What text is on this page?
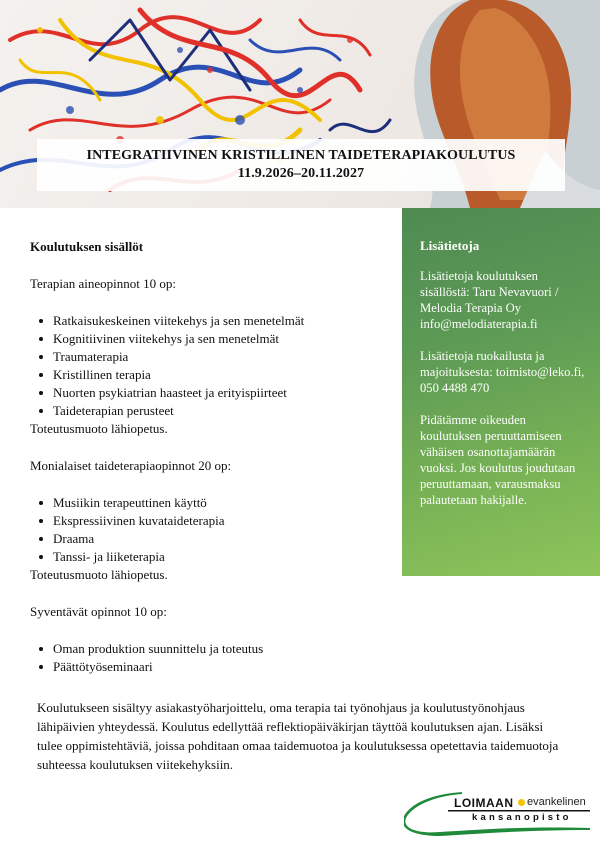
INTEGRATIIVINEN KRISTILLINEN TAIDETERAPIAKOULUTUS
11.9.2026–20.11.2027
Koulutuksen sisällöt
Terapian aineopinnot 10 op:
Ratkaisukeskeinen viitekehys ja sen menetelmät
Kognitiivinen viitekehys ja sen menetelmät
Traumaterapia
Kristillinen terapia
Nuorten psykiatrian haasteet ja erityispiirteet
Taideterapian perusteet
Toteutusmuoto lähiopetus.
Monialaiset taideterapiaopinnot 20 op:
Musiikin terapeuttinen käyttö
Ekspressiivinen kuvataideterapia
Draama
Tanssi- ja liiketerapia
Toteutusmuoto lähiopetus.
Syventävät opinnot 10 op:
Oman produktion suunnittelu ja toteutus
Päättötyöseminaari
Lisätietoja
Lisätietoja koulutuksen sisällöstä: Taru Nevavuori / Melodia Terapia Oy info@melodiaterapia.fi
Lisätietoja ruokailusta ja majoituksesta: toimisto@leko.fi, 050 4488 470
Pidätämme oikeuden koulutuksen peruuttamiseen vähäisen osanottajamäärän vuoksi. Jos koulutus joudutaan peruuttamaan, varausmaksu palautetaan hakijalle.
Koulutukseen sisältyy asiakastyöharjoittelu, oma terapia tai työnohjaus ja koulutustyönohjaus lähipäivien yhteydessä. Koulutus edellyttää reflektiopäiväkirjan täyttöä koulutuksen ajan. Lisäksi tulee oppimistehtäviä, joissa pohditaan omaa taidemuotoa ja koulutuksessa opetettavia taidemuotoja suhteessa koulutuksen viitekehyksiin.
LOIMAAN evankelinen
kansanopisto
